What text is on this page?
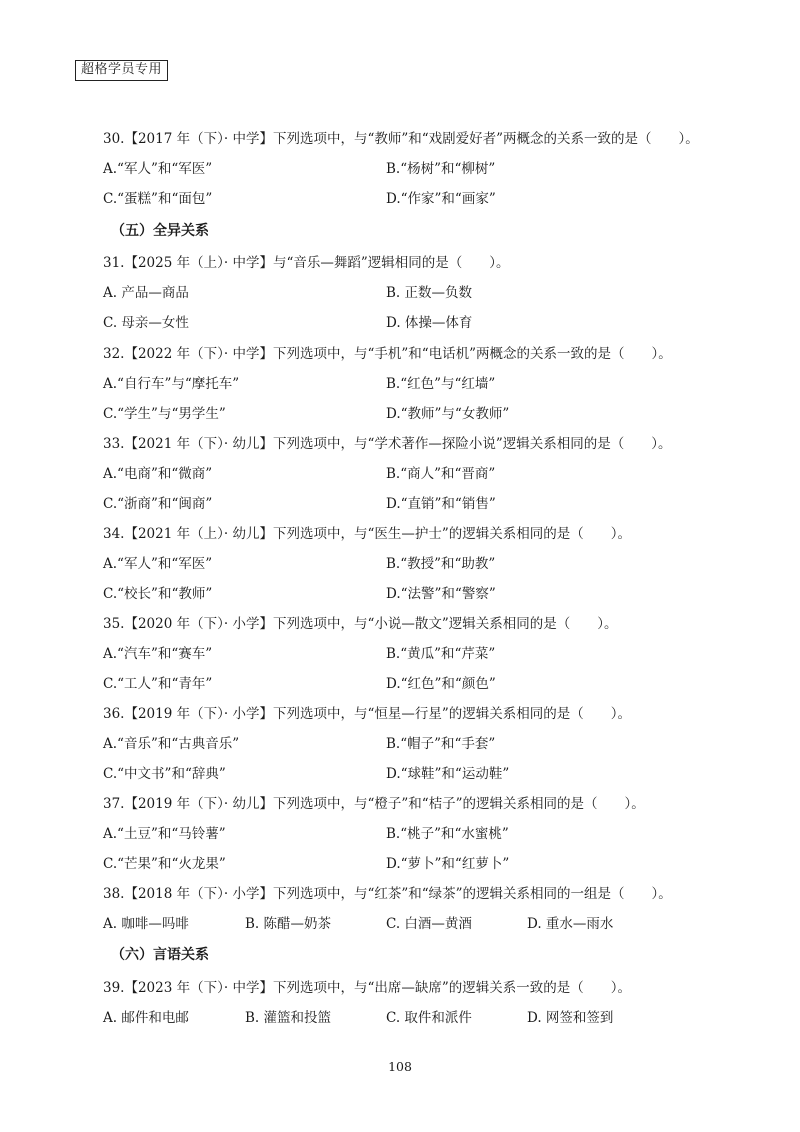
超格学员专用
30.【2017 年（下）· 中学】下列选项中，与“教师”和“戏剧爱好者”两概念的关系一致的是（　　）。
A.“军人”和“军医”	B.“杨树”和“柳树”
C.“蛋糕”和“面包”	D.“作家”和“画家”
（五）全异关系
31.【2025 年（上）· 中学】与“音乐—舞蹈”逻辑相同的是（　　）。
A. 产品—商品	B. 正数—负数
C. 母亲—女性	D. 体操—体育
32.【2022 年（下）· 中学】下列选项中，与“手机”和“电话机”两概念的关系一致的是（　　）。
A.“自行车”与“摩托车”	B.“红色”与“红墙”
C.“学生”与“男学生”	D.“教师”与“女教师”
33.【2021 年（下）· 幼儿】下列选项中，与“学术著作—探险小说”逻辑关系相同的是（　　）。
A.“电商”和“微商”	B.“商人”和“晋商”
C.“浙商”和“闽商”	D.“直销”和“销售”
34.【2021 年（上）· 幼儿】下列选项中，与“医生—护士”的逻辑关系相同的是（　　）。
A.“军人”和“军医”	B.“教授”和“助教”
C.“校长”和“教师”	D.“法警”和“警察”
35.【2020 年（下）· 小学】下列选项中，与“小说—散文”逻辑关系相同的是（　　）。
A.“汽车”和“赛车”	B.“黄瓜”和“芹菜”
C.“工人”和“青年”	D.“红色”和“颜色”
36.【2019 年（下）· 小学】下列选项中，与“恒星—行星”的逻辑关系相同的是（　　）。
A.“音乐”和“古典音乐”	B.“帽子”和“手套”
C.“中文书”和“辞典”	D.“球鞋”和“运动鞋”
37.【2019 年（下）· 幼儿】下列选项中，与“橙子”和“桔子”的逻辑关系相同的是（　　）。
A.“土豆”和“马铃薯”	B.“桃子”和“水蜜桃”
C.“芒果”和“火龙果”	D.“萝卜”和“红萝卜”
38.【2018 年（下）· 小学】下列选项中，与“红茶”和“绿茶”的逻辑关系相同的一组是（　　）。
A. 咖啡—吗啡	B. 陈醋—奶茶	C. 白酒—黄酒	D. 重水—雨水
（六）言语关系
39.【2023 年（下）· 中学】下列选项中，与“出席—缺席”的逻辑关系一致的是（　　）。
A. 邮件和电邮	B. 灌篮和投篮	C. 取件和派件	D. 网签和签到
108
